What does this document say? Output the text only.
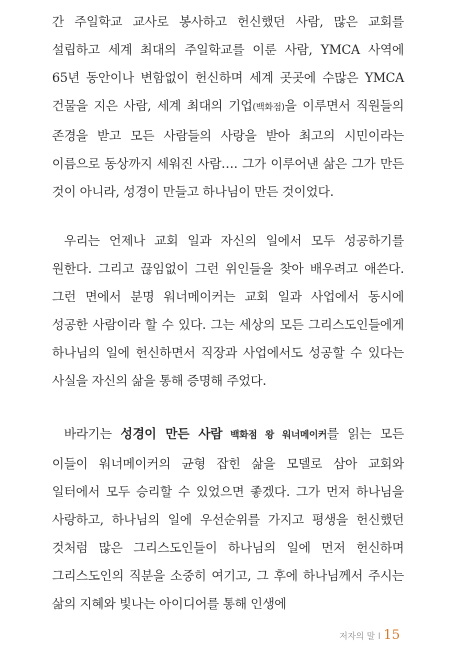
간 주일학교 교사로 봉사하고 헌신했던 사람, 많은 교회를 설립하고 세계 최대의 주일학교를 이룬 사람, YMCA 사역에 65년 동안이나 변함없이 헌신하며 세계 곳곳에 수많은 YMCA 건물을 지은 사람, 세계 최대의 기업(백화점)을 이루면서 직원들의 존경을 받고 모든 사람들의 사랑을 받아 최고의 시민이라는 이름으로 동상까지 세워진 사람…. 그가 이루어낸 삶은 그가 만든 것이 아니라, 성경이 만들고 하나님이 만든 것이었다.

우리는 언제나 교회 일과 자신의 일에서 모두 성공하기를 원한다. 그리고 끊임없이 그런 위인들을 찾아 배우려고 애쓴다. 그런 면에서 분명 워너메이커는 교회 일과 사업에서 동시에 성공한 사람이라 할 수 있다. 그는 세상의 모든 그리스도인들에게 하나님의 일에 헌신하면서 직장과 사업에서도 성공할 수 있다는 사실을 자신의 삶을 통해 증명해 주었다.

바라기는 성경이 만든 사람 백화점 왕 워너메이커를 읽는 모든 이들이 워너메이커의 균형 잡힌 삶을 모델로 삼아 교회와 일터에서 모두 승리할 수 있었으면 좋겠다. 그가 먼저 하나님을 사랑하고, 하나님의 일에 우선순위를 가지고 평생을 헌신했던 것처럼 많은 그리스도인들이 하나님의 일에 먼저 헌신하며 그리스도인의 직분을 소중히 여기고, 그 후에 하나님께서 주시는 삶의 지혜와 빛나는 아이디어를 통해 인생에

저자의 말 I 15
